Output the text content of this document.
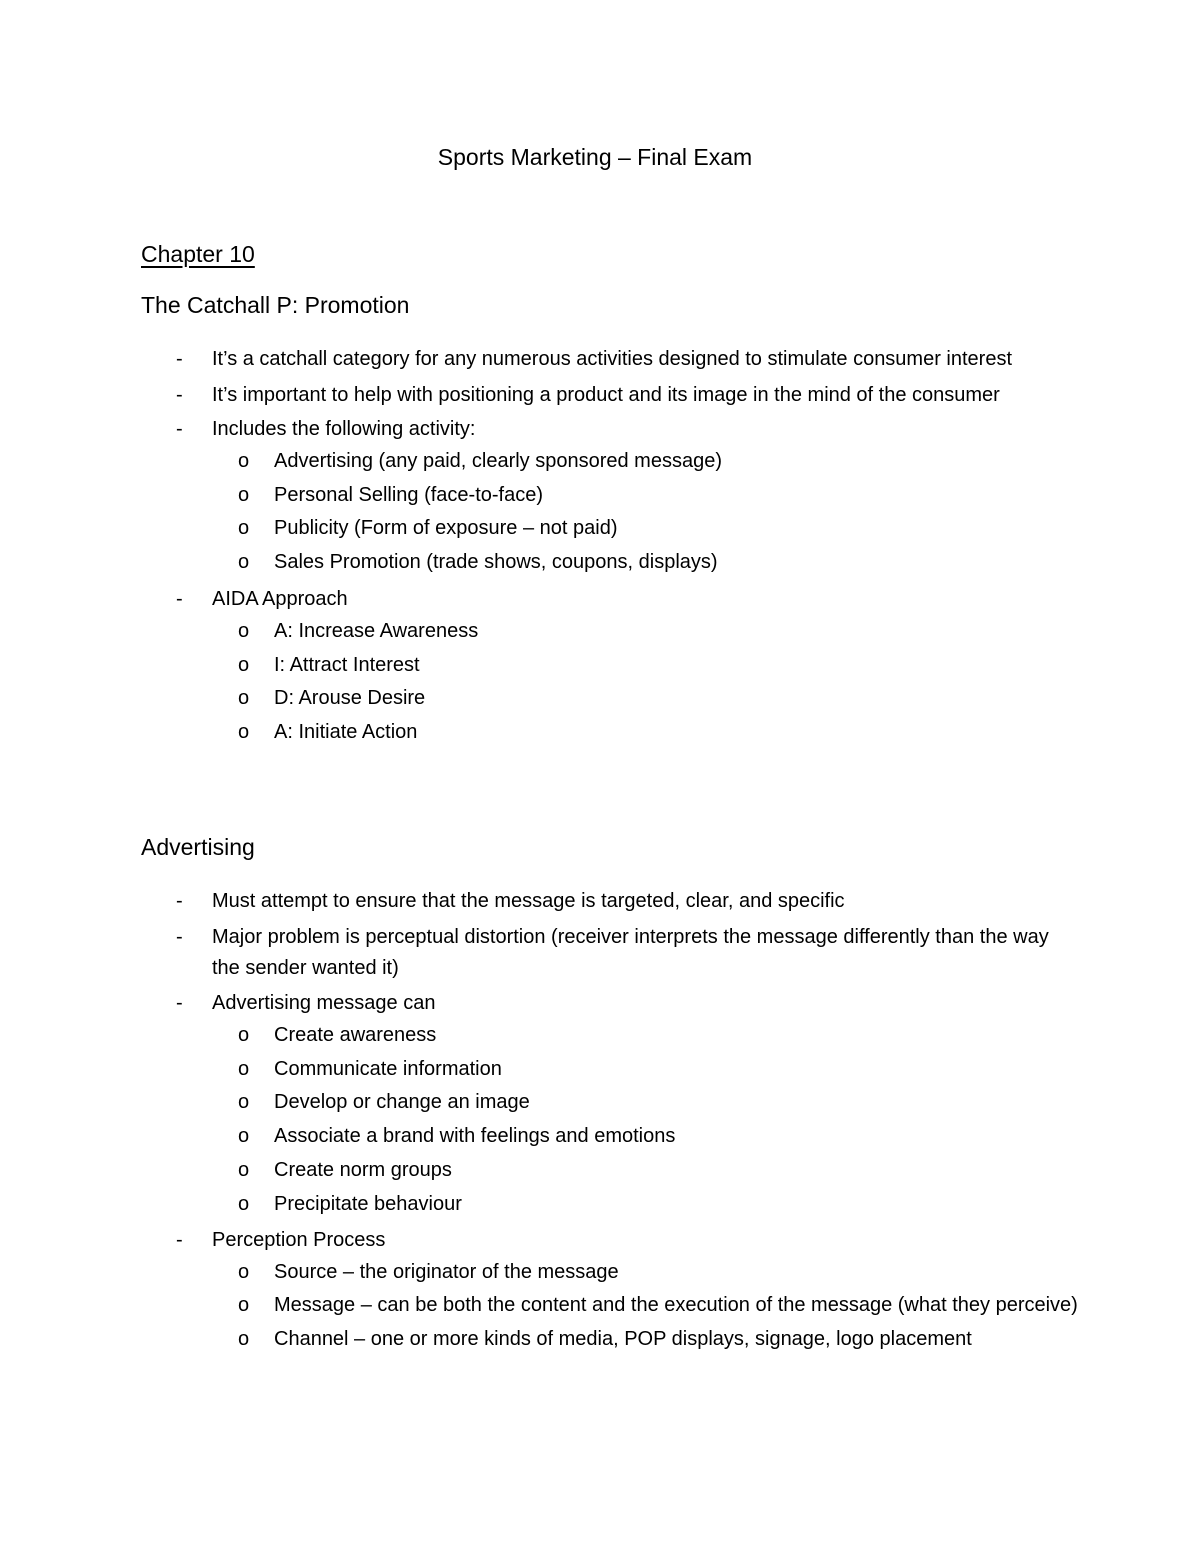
Sports Marketing – Final Exam
Chapter 10
The Catchall P: Promotion
- It’s a catchall category for any numerous activities designed to stimulate consumer interest
- It’s important to help with positioning a product and its image in the mind of the consumer
- Includes the following activity:
o Advertising (any paid, clearly sponsored message)
o Personal Selling (face-to-face)
o Publicity (Form of exposure – not paid)
o Sales Promotion (trade shows, coupons, displays)
- AIDA Approach
o A: Increase Awareness
o I: Attract Interest
o D: Arouse Desire
o A: Initiate Action
Advertising
- Must attempt to ensure that the message is targeted, clear, and specific
- Major problem is perceptual distortion (receiver interprets the message differently than the way the sender wanted it)
- Advertising message can
o Create awareness
o Communicate information
o Develop or change an image
o Associate a brand with feelings and emotions
o Create norm groups
o Precipitate behaviour
- Perception Process
o Source – the originator of the message
o Message – can be both the content and the execution of the message (what they perceive)
o Channel – one or more kinds of media, POP displays, signage, logo placement
